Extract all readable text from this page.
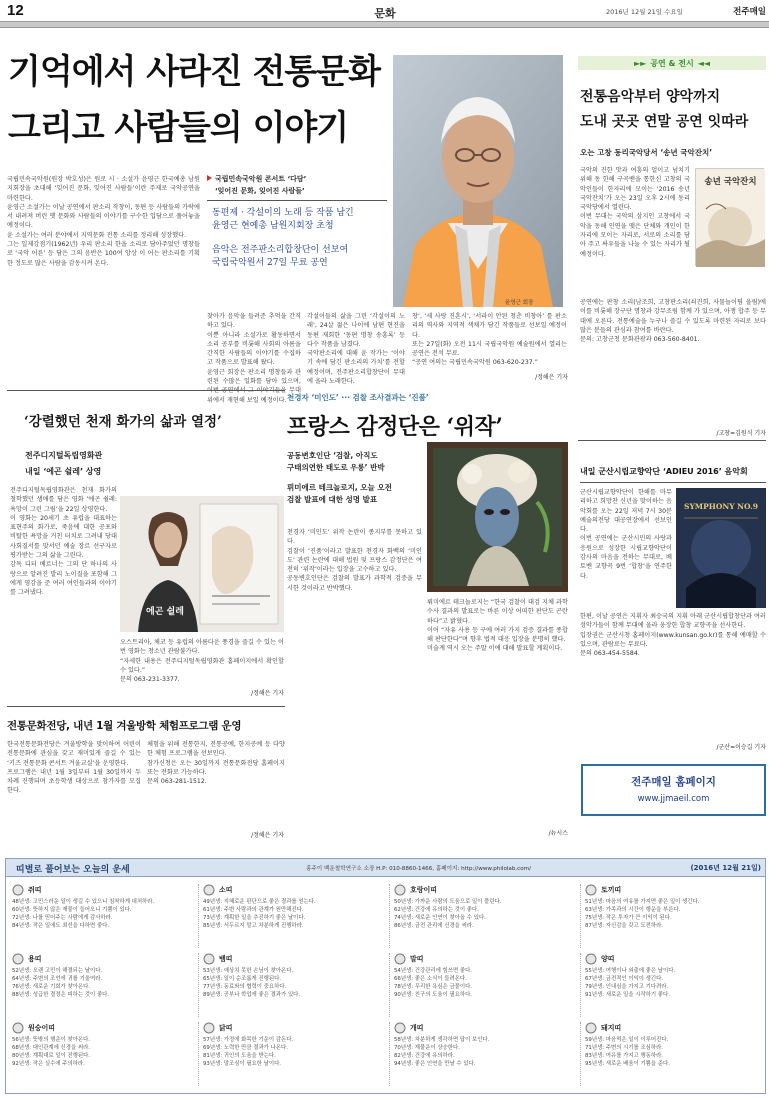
12	문화	2016년 12월 21일 수요일	전주매일
기억에서 사라진 전통문화
그리고 사람들의 이야기
국립민속국악원 콘서트 ‘다담’
‘잊어진 문화, 잊어진 사람들’
동편제 · 각설이의 노래 등 작품 남긴
윤영근 현예총 남원지회장 초청
음악은 전주판소리합창단이 선보여
국립국악원서 27일 무료 공연
윤영근 회장
국립민속국악원(원장 박호성)은 원로 시 · 소설가 윤영근 한국예총 남원지회장을 초대해 ‘잊어진 문화, 잊어진 사람들’이란 주제로 국악공연을 마련한다.
윤영근 소설가는 이날 공연에서 판소리 작창이, 동편 등 사람들의 가락에서 내려져 버린 옛 문화와 사람들의 이야기를 구수한 입담으로 풀어놓을 예정이다.
윤 소설가는 여러 분야에서 지역문화 전통 소리를 정리해 성장했다.
그는 일제강점기(1962년) 우리 판소리 한을 소리로 담아주었던 명창들로 ‘국악 어른’ 등 담은 그의 음반은 100여 앙상 이 어는 판소리를 기획한 정도로 많은 사람을 감동시켜 온다.
찾아가 음악을 들려준 추억을 간직하고 있다.
이뿐 아니라 소설가로 활동하면서 소리 공부를 비롯해 사회의 아름을 간직한 사람들의 이야기를 수집하고 작품으로 발표해 왔다.
윤영근 회장은 판소리 명창들과 관련된 수많은 일화를 담아 있으며, 이번 공연에서 그 이야기들을 무대 위에서 재현해 보일 예정이다.
각설이들의 삶을 그린 ‘각설이의 노래’, 24살 젊은 나이에 남편 현진을 동편 재회한 ‘동편 명창 송흥록’ 등 다수 작품을 남겼다.
국악판소리에 대해 윤 작가는 ‘이야기 속에 담긴 판소리의 가치’를 전할 예정이며, 전주판소리합창단이 무대에 올라 노래한다.
창’, ‘세 사랑 진혼시’, ‘서라이 안된 청춘 비창아’ 를 판소리의 역사와 지역적 색채가 담긴 작품들로 선보일 예정이다.
또는 27일(화) 오전 11시 국립국악원 예술원에서 열리는 공연은 전석 무료.
“공연 여의는 국립민속국악원 063-620-237.”
/정해은 기자
►► 공연 & 전시 ◄◄
전통음악부터 양악까지
도내 곳곳 연말 공연 잇따라
오는 고창 동리국악당서 ‘송년 국악잔치’
국악의 진한 맛과 여흥의 얼이고 넘치기 위해 동 한해 구곡밴을 통한신 고창의 국악인들이 한자리에 모이는 ‘2016 송년 국악잔치’가 오는 23일 오후 2시에 동리국악당에서 열린다.
이번 무대는 국악의 삼지인 고창에서 국악을 동해 인연을 맺은 단체와 개인이 한자리에 모이는 자리로, 서로의 소리를 담아 주고 싸우들을 나눌 수 있는 자리가 될 예정이다.
송년 국악잔치
공연에는 판창 소리(남조희, 고창판소리(쇠진희, 사물놀이팀 올림)에 이를 비롯해 장구단 명창과 강무조림 함께 가 있으며, 아쟁 합주 등 무대에 오른다. 전통예술을 누구나 즐길 수 있도록 마련된 자리로 보다 많은 분들의 관심과 참여를 바란다.
문의: 고창군청 문화관광과 063-560-8401.
/고창=김원식 기자
‘강렬했던 천재 화가의 삶과 열정’
전주디지털독립영화관
내일 ‘에곤 쉴레’ 상영
전주디지털독립영화관은 천재 화가의 철학했던 생애를 담은 영화 ‘에곤 쉴레: 욕망이 그린 그림’을 22일 상영한다.
이 영화는 20세기 초 유럽을 대표하는 표현주의 화가로, 죽음에 대한 공포와 비탈한 욕망을 거친 터치로 그려내 당대 사회질서를 맞서던 예술 장르 선구자로 평가받는 그의 삶을 그린다.
감독 디터 베르너는 그의 단 하나의 사랑으로 알려진 발리 노이질을 포함해 그에게 영감을 준 여러 여인들과의 이야기를 그려냈다.
에곤 쉴레
오스트리아, 체코 등 유럽의 아름다운 풍경을 즐길 수 있는 이번 영화는 청소년 관람불가다.
“자세한 내용은 전주디지털독립영화관 홈페이지에서 확인할 수 있다.”
문의 063-231-3377.
/정해은 기자
천경자 ‘미인도’ ··· 검찰 조사결과는 ‘진품’
프랑스 감정단은 ‘위작’
공동변호인단 ‘검찰, 아직도
구태의연한 태도로 우롱’ 반박
뤼미에르 테크놀로지, 오늘 오전
검찰 발표에 대한 성명 발표
천경자 ‘미인도’ 위작 논란이 종지부를 못하고 있다.
검찰이 ‘진품’이라고 발표한 천경자 화백의 ‘미인도’ 관련 논란에 대해 법원 및 프랑스 감정단은 여전히 ‘위작’이라는 입장을 고수하고 있다.
공동변호인단은 검찰의 발표가 과학적 검증을 무시한 것이라고 반박했다.
뤼미에르 테크놀로지는 “한국 검찰이 대검 지체 과학수사 결과의 발표로는 바른 이상 어떠한 판단도 곤란하다”고 밝혔다.
이어 “자유 사용 등 구에 여러 가지 검증 결과를 종합해 판단한다”며 향후 법적 대응 입장을 분명히 했다.
미술계 역시 오는 주말 이에 대해 발표할 계획이다.
/뉴시스
내일 군산시립교향악단 ‘ADIEU 2016’ 음악회
군산시립교향악단이 한해를 마무리하고 희망찬 신년을 맞이하는 음악회를 오는 22일 저녁 7시 30분 예술의전당 대공연장에서 선보인다.
이번 공연에는 군산시민의 사랑과 응원으로 성장한 시립교향악단이 감사의 마음을 전하는 무대로, 베토벤 교향곡 9번 ‘합창’을 연주한다.
SYMPHONY NO.9
한편, 이날 공연은 지휘자 최승국의 지휘 아래 군산시립합창단과 여러 성악가들이 함께 무대에 올라 웅장한 합창 교향곡을 선사한다.
입장권은 군산시청 홈페이지(www.kunsan.go.kr)를 통해 예매할 수 있으며, 관람료는 무료다.
문의 063-454-5584.
/군산=이승길 기자
전주매일 홈페이지
www.jjmaeil.com
전통문화전당, 내년 1월 겨울방학 체험프로그램 운영
한국전통문화전당은 겨울방학을 맞이하여 어린이 전통문화에 관심을 갖고 재미있게 즐길 수 있는 ‘키즈 전통문화 콘서트 겨울교실’을 운영한다.
프로그램은 내년 1월 3일부터 1월 30일까지 두 차례 진행되며 초등학생 대상으로 참가자를 모집한다.
체험을 위해 전통한지, 전통공예, 한지공예 등 다양한 체험 프로그램을 선보인다.
참가신청은 오는 30일까지 전통문화전당 홈페이지 또는 전화로 가능하다.
문의 063-281-1512.
/정해은 기자
띠별로 풀어보는 오늘의 운세	홍주이 백운철학연구소 소장 H.P: 010-8860-1466, 홈페이지: http://www.philolab.com/	(2016년 12월 21일)
쥐띠
48년생: 고민스러운 일이 생길 수 있으니 침착하게 대처하라.
60년생: 뜻하지 않은 재물이 들어오니 기쁨이 있다.
72년생: 나를 믿어주는 사람에게 감사하라.
84년생: 작은 일에도 최선을 다하면 좋다.
소띠
49년생: 지혜로운 판단으로 좋은 결과를 얻는다.
61년생: 주변 사람과의 관계가 원만해진다.
73년생: 계획한 일을 추진하기 좋은 날이다.
85년생: 서두르지 말고 차분하게 진행하라.
호랑이띠
50년생: 가까운 사람의 도움으로 일이 풀린다.
62년생: 건강에 유의하는 것이 좋다.
74년생: 새로운 인연이 찾아올 수 있다.
86년생: 금전 관리에 신경을 써라.
토끼띠
51년생: 마음의 여유를 가지면 좋은 일이 생긴다.
63년생: 가족과의 시간이 행운을 부른다.
75년생: 작은 투자가 큰 이익이 된다.
87년생: 자신감을 갖고 도전하라.
용띠
52년생: 오랜 고민이 해결되는 날이다.
64년생: 주변의 조언에 귀를 기울여라.
76년생: 새로운 기회가 찾아온다.
88년생: 성급한 결정은 피하는 것이 좋다.
뱀띠
53년생: 예상치 못한 손님이 찾아온다.
65년생: 일이 순조롭게 진행된다.
77년생: 동료와의 협력이 중요하다.
89년생: 공부나 학업에 좋은 결과가 있다.
말띠
54년생: 건강관리에 힘쓰면 좋다.
66년생: 좋은 소식이 들려온다.
78년생: 무리한 욕심은 금물이다.
90년생: 친구의 도움이 필요하다.
양띠
55년생: 여행이나 외출에 좋은 날이다.
67년생: 금전적인 이익이 생긴다.
79년생: 인내심을 가지고 기다려라.
91년생: 새로운 일을 시작하기 좋다.
원숭이띠
56년생: 뜻밖의 행운이 찾아온다.
68년생: 대인관계에 신경을 써라.
80년생: 계획대로 일이 진행된다.
92년생: 작은 실수에 주의하라.
닭띠
57년생: 가정에 화목한 기운이 감돈다.
69년생: 노력한 만큼 결과가 나온다.
81년생: 귀인의 도움을 받는다.
93년생: 말조심이 필요한 날이다.
개띠
58년생: 차분하게 생각하면 답이 보인다.
70년생: 재물운이 상승한다.
82년생: 건강에 유의하라.
94년생: 좋은 인연을 만날 수 있다.
돼지띠
59년생: 마음먹은 일이 이루어진다.
71년생: 주변의 시기를 조심하라.
83년생: 여유를 가지고 행동하라.
95년생: 새로운 배움이 기쁨을 준다.
